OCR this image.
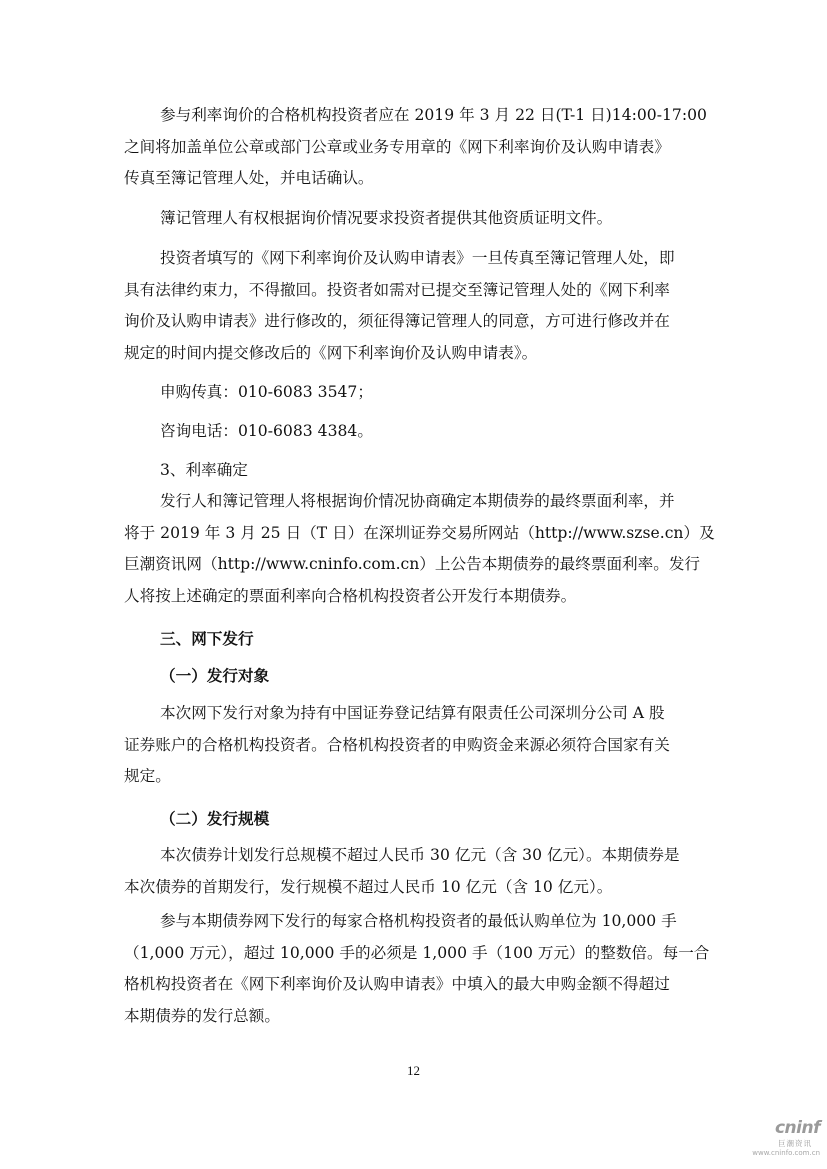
参与利率询价的合格机构投资者应在 2019 年 3 月 22 日(T-1 日)14:00-17:00
之间将加盖单位公章或部门公章或业务专用章的《网下利率询价及认购申请表》
传真至簿记管理人处，并电话确认。

簿记管理人有权根据询价情况要求投资者提供其他资质证明文件。

投资者填写的《网下利率询价及认购申请表》一旦传真至簿记管理人处，即
具有法律约束力，不得撤回。投资者如需对已提交至簿记管理人处的《网下利率
询价及认购申请表》进行修改的，须征得簿记管理人的同意，方可进行修改并在
规定的时间内提交修改后的《网下利率询价及认购申请表》。

申购传真：010-6083 3547；

咨询电话：010-6083 4384。

3、利率确定

发行人和簿记管理人将根据询价情况协商确定本期债券的最终票面利率，并
将于 2019 年 3 月 25 日（T 日）在深圳证券交易所网站（http://www.szse.cn）及
巨潮资讯网（http://www.cninfo.com.cn）上公告本期债券的最终票面利率。发行
人将按上述确定的票面利率向合格机构投资者公开发行本期债券。

三、网下发行

（一）发行对象

本次网下发行对象为持有中国证券登记结算有限责任公司深圳分公司 A 股
证券账户的合格机构投资者。合格机构投资者的申购资金来源必须符合国家有关
规定。

（二）发行规模

本次债券计划发行总规模不超过人民币 30 亿元（含 30 亿元）。本期债券是
本次债券的首期发行，发行规模不超过人民币 10 亿元（含 10 亿元）。

参与本期债券网下发行的每家合格机构投资者的最低认购单位为 10,000 手
（1,000 万元），超过 10,000 手的必须是 1,000 手（100 万元）的整数倍。每一合
格机构投资者在《网下利率询价及认购申请表》中填入的最大申购金额不得超过
本期债券的发行总额。

12
cninf
巨潮资讯
www.cninfo.com.cn
